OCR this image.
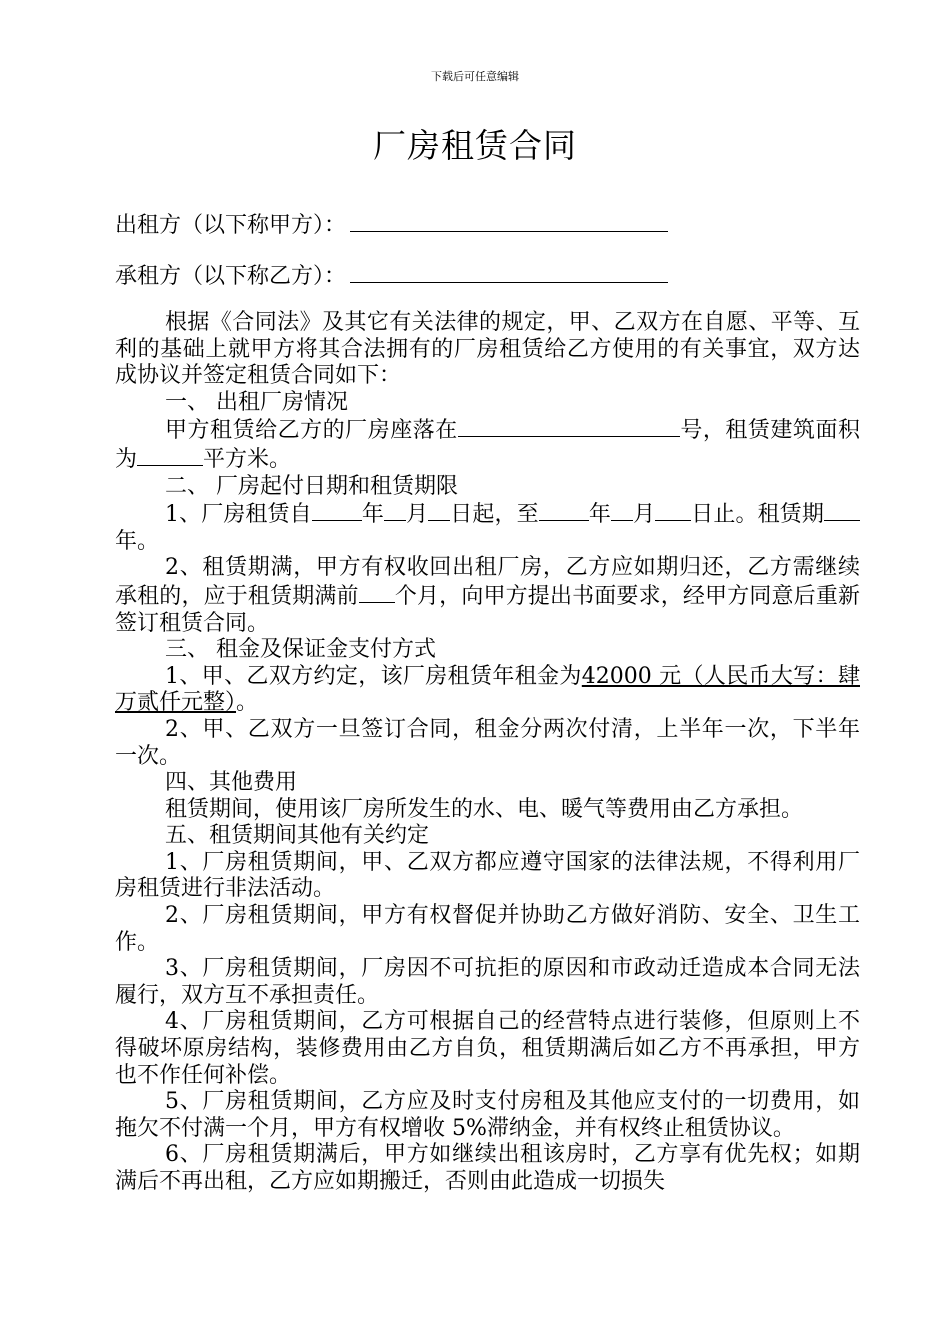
下载后可任意编辑
厂房租赁合同
出租方（以下称甲方）：
承租方（以下称乙方）：

根据《合同法》及其它有关法律的规定，甲、乙双方在自愿、平等、互利的基础上就甲方将其合法拥有的厂房租赁给乙方使用的有关事宜，双方达成协议并签定租赁合同如下：

一、 出租厂房情况

甲方租赁给乙方的厂房座落在	号，租赁建筑面积为	平方米。

二、 厂房起付日期和租赁期限

1、厂房租赁自 年 月 日起，至 年 月 日止。租赁期年。

2、租赁期满，甲方有权收回出租厂房，乙方应如期归还，乙方需继续承租的，应于租赁期满前 个月，向甲方提出书面要求，经甲方同意后重新签订租赁合同。

三、 租金及保证金支付方式

1、甲、乙双方约定，该厂房租赁年租金为42000 元（人民币大写：肆万贰仟元整）。

2、甲、乙双方一旦签订合同，租金分两次付清，上半年一次，下半年一次。

四、其他费用

租赁期间，使用该厂房所发生的水、电、暖气等费用由乙方承担。

五、租赁期间其他有关约定

1、厂房租赁期间，甲、乙双方都应遵守国家的法律法规，不得利用厂房租赁进行非法活动。

2、厂房租赁期间，甲方有权督促并协助乙方做好消防、安全、卫生工作。

3、厂房租赁期间，厂房因不可抗拒的原因和市政动迁造成本合同无法履行，双方互不承担责任。

4、厂房租赁期间，乙方可根据自己的经营特点进行装修，但原则上不得破坏原房结构，装修费用由乙方自负，租赁期满后如乙方不再承担，甲方也不作任何补偿。

5、厂房租赁期间，乙方应及时支付房租及其他应支付的一切费用，如拖欠不付满一个月，甲方有权增收 5%滞纳金，并有权终止租赁协议。

6、厂房租赁期满后，甲方如继续出租该房时，乙方享有优先权；如期满后不再出租，乙方应如期搬迁，否则由此造成一切损失
